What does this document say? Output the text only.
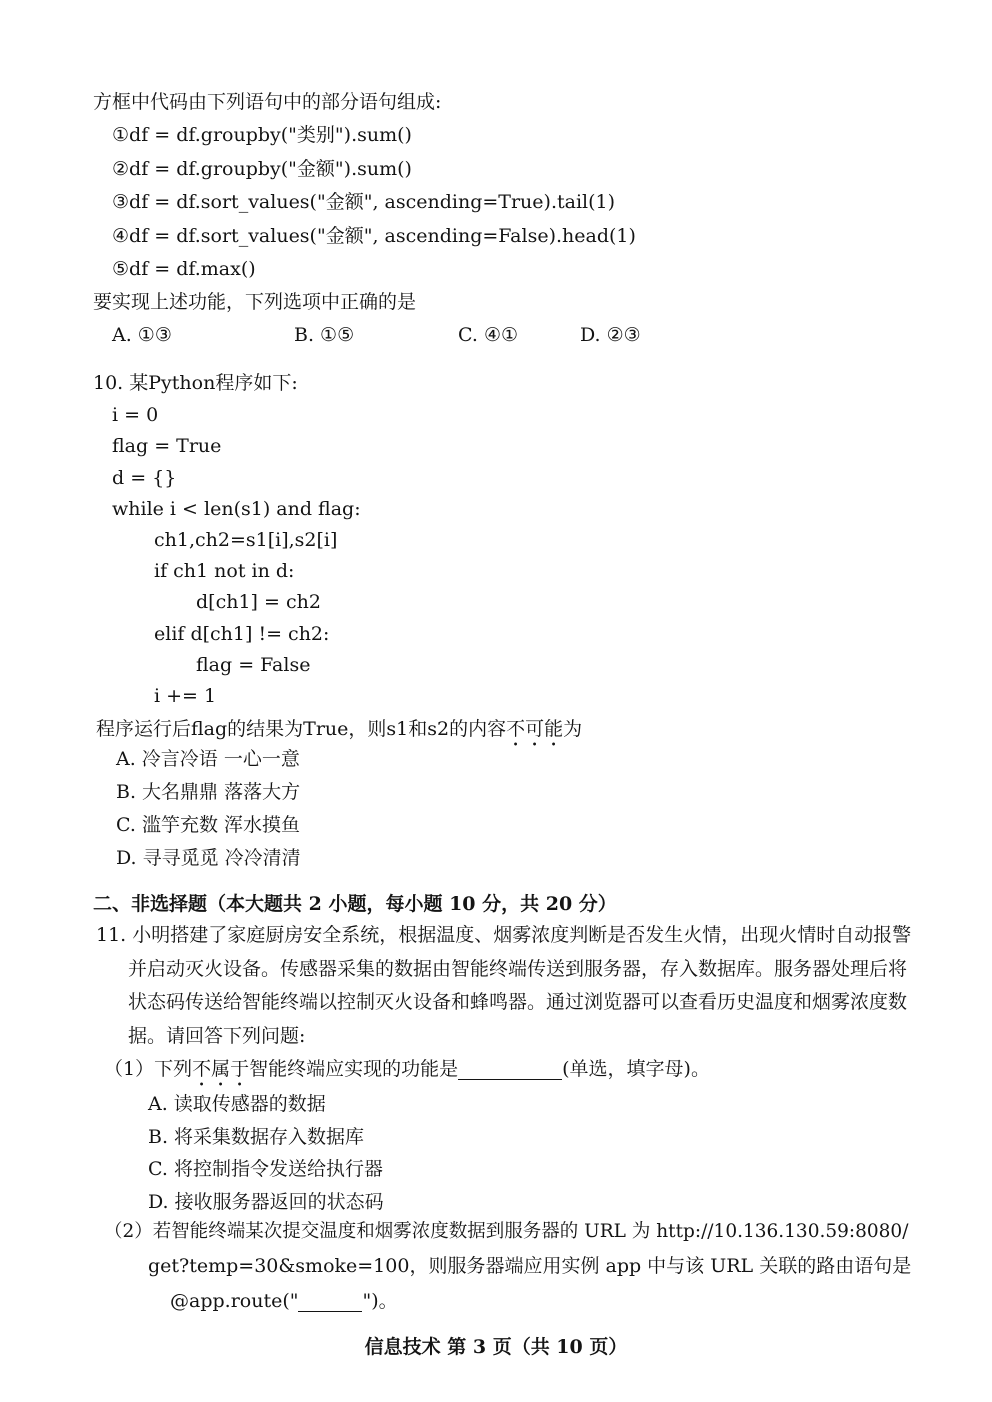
方框中代码由下列语句中的部分语句组成:
①df = df.groupby("类别").sum()
②df = df.groupby("金额").sum()
③df = df.sort_values("金额", ascending=True).tail(1)
④df = df.sort_values("金额", ascending=False).head(1)
⑤df = df.max()
要实现上述功能，下列选项中正确的是
A. ①③	B. ①⑤	C. ④①	D. ②③
10. 某Python程序如下:
i = 0
flag = True
d = {}
while i < len(s1) and flag:
ch1,ch2=s1[i],s2[i]
if ch1 not in d:
d[ch1] = ch2
elif d[ch1] != ch2:
flag = False
i += 1
程序运行后flag的结果为True，则s1和s2的内容不可能为
A. 冷言冷语 一心一意
B. 大名鼎鼎 落落大方
C. 滥竽充数 浑水摸鱼
D. 寻寻觅觅 冷冷清清
二、非选择题（本大题共 2 小题，每小题 10 分，共 20 分）
11. 小明搭建了家庭厨房安全系统，根据温度、烟雾浓度判断是否发生火情，出现火情时自动报警
并启动灭火设备。传感器采集的数据由智能终端传送到服务器，存入数据库。服务器处理后将
状态码传送给智能终端以控制灭火设备和蜂鸣器。通过浏览器可以查看历史温度和烟雾浓度数
据。请回答下列问题:
（1）下列不属于智能终端应实现的功能是	(单选，填字母)。
A. 读取传感器的数据
B. 将采集数据存入数据库
C. 将控制指令发送给执行器
D. 接收服务器返回的状态码
（2）若智能终端某次提交温度和烟雾浓度数据到服务器的 URL 为 http://10.136.130.59:8080/
get?temp=30&smoke=100，则服务器端应用实例 app 中与该 URL 关联的路由语句是
@app.route("	")。
信息技术 第 3 页（共 10 页）
